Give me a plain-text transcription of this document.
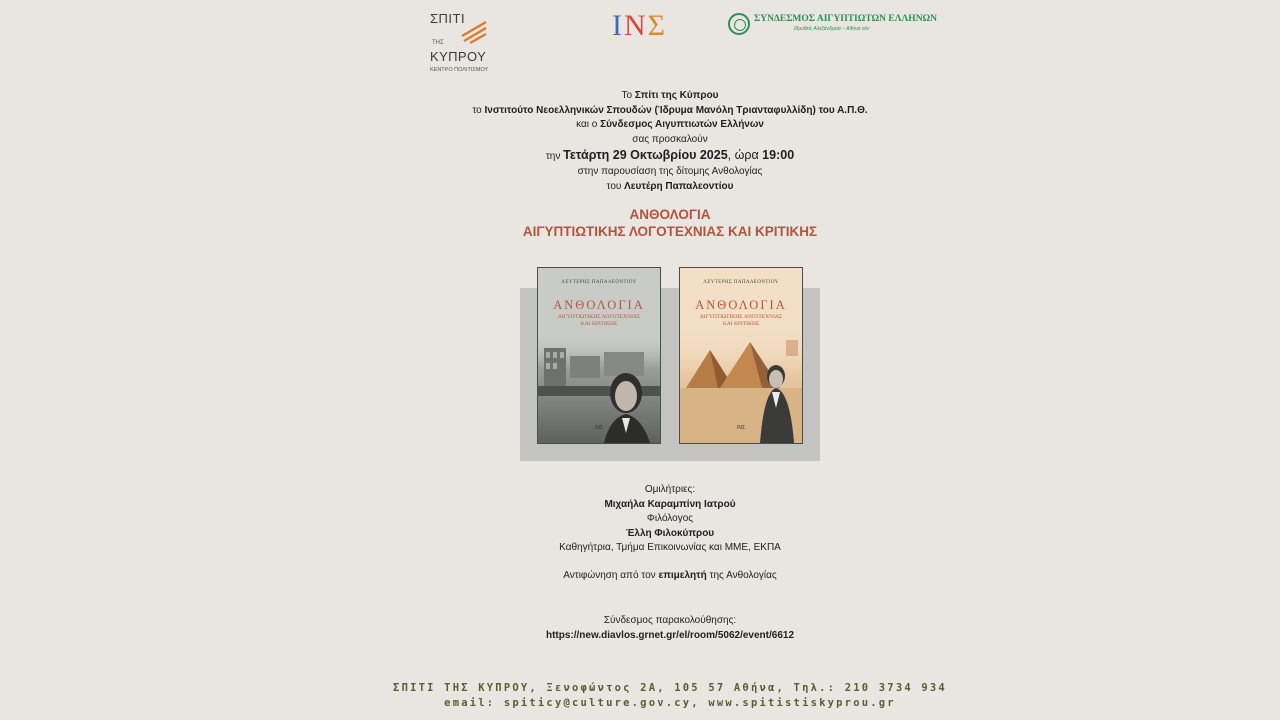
ΣΠΙΤΙ
ΤΗΣ
ΚΥΠΡΟΥ
ΚΕΝΤΡΟ ΠΟΛΙΤΙΣΜΟΥ
ΙΝΣ	ΣΥΝΔΕΣΜΟΣ ΑΙΓΥΠΤΙΩΤΩΝ ΕΛΛΗΝΩΝ
Ιδρυθείς Αλεξάνδρεια – Αθήνα νῦν
Το Σπίτι της Κύπρου
το Ινστιτούτο Νεοελληνικών Σπουδών (Ίδρυμα Μανόλη Τριανταφυλλίδη) του Α.Π.Θ.
και ο Σύνδεσμος Αιγυπτιωτών Ελλήνων
σας προσκαλούν
την Τετάρτη 29 Οκτωβρίου 2025, ώρα 19:00
στην παρουσίαση της δίτομης Ανθολογίας
του Λευτέρη Παπαλεοντίου
ΑΝΘΟΛΟΓΙΑ
ΑΙΓΥΠΤΙΩΤΙΚΗΣ ΛΟΓΟΤΕΧΝΙΑΣ ΚΑΙ ΚΡΙΤΙΚΗΣ
ΛΕΥΤΕΡΗΣ ΠΑΠΑΛΕΟΝΤΙΟΥ
ΑΝΘΟΛΟΓΙΑ
ΑΙΓΥΠΤΙΩΤΙΚΗΣ ΛΟΓΟΤΕΧΝΙΑΣ
ΚΑΙ ΚΡΙΤΙΚΗΣ
ΙΝΣ
ΛΕΥΤΕΡΗΣ ΠΑΠΑΛΕΟΝΤΙΟΥ
ΑΝΘΟΛΟΓΙΑ
ΑΙΓΥΠΤΙΩΤΙΚΗΣ ΛΟΓΟΤΕΧΝΙΑΣ
ΚΑΙ ΚΡΙΤΙΚΗΣ
ΙΝΣ
Ομιλήτριες:
Μιχαήλα Καραμπίνη Ιατρού
Φιλόλογος
Έλλη Φιλοκύπρου
Καθηγήτρια, Τμήμα Επικοινωνίας και ΜΜΕ, ΕΚΠΑ
Αντιφώνηση από τον επιμελητή της Ανθολογίας
Σύνδεσμος παρακολούθησης:
https://new.diavlos.grnet.gr/el/room/5062/event/6612
ΣΠΙΤΙ ΤΗΣ ΚΥΠΡΟΥ, Ξενοφώντος 2Α, 105 57 Αθήνα, Τηλ.: 210 3734 934
email: spiticy@culture.gov.cy, www.spitistiskyprou.gr
